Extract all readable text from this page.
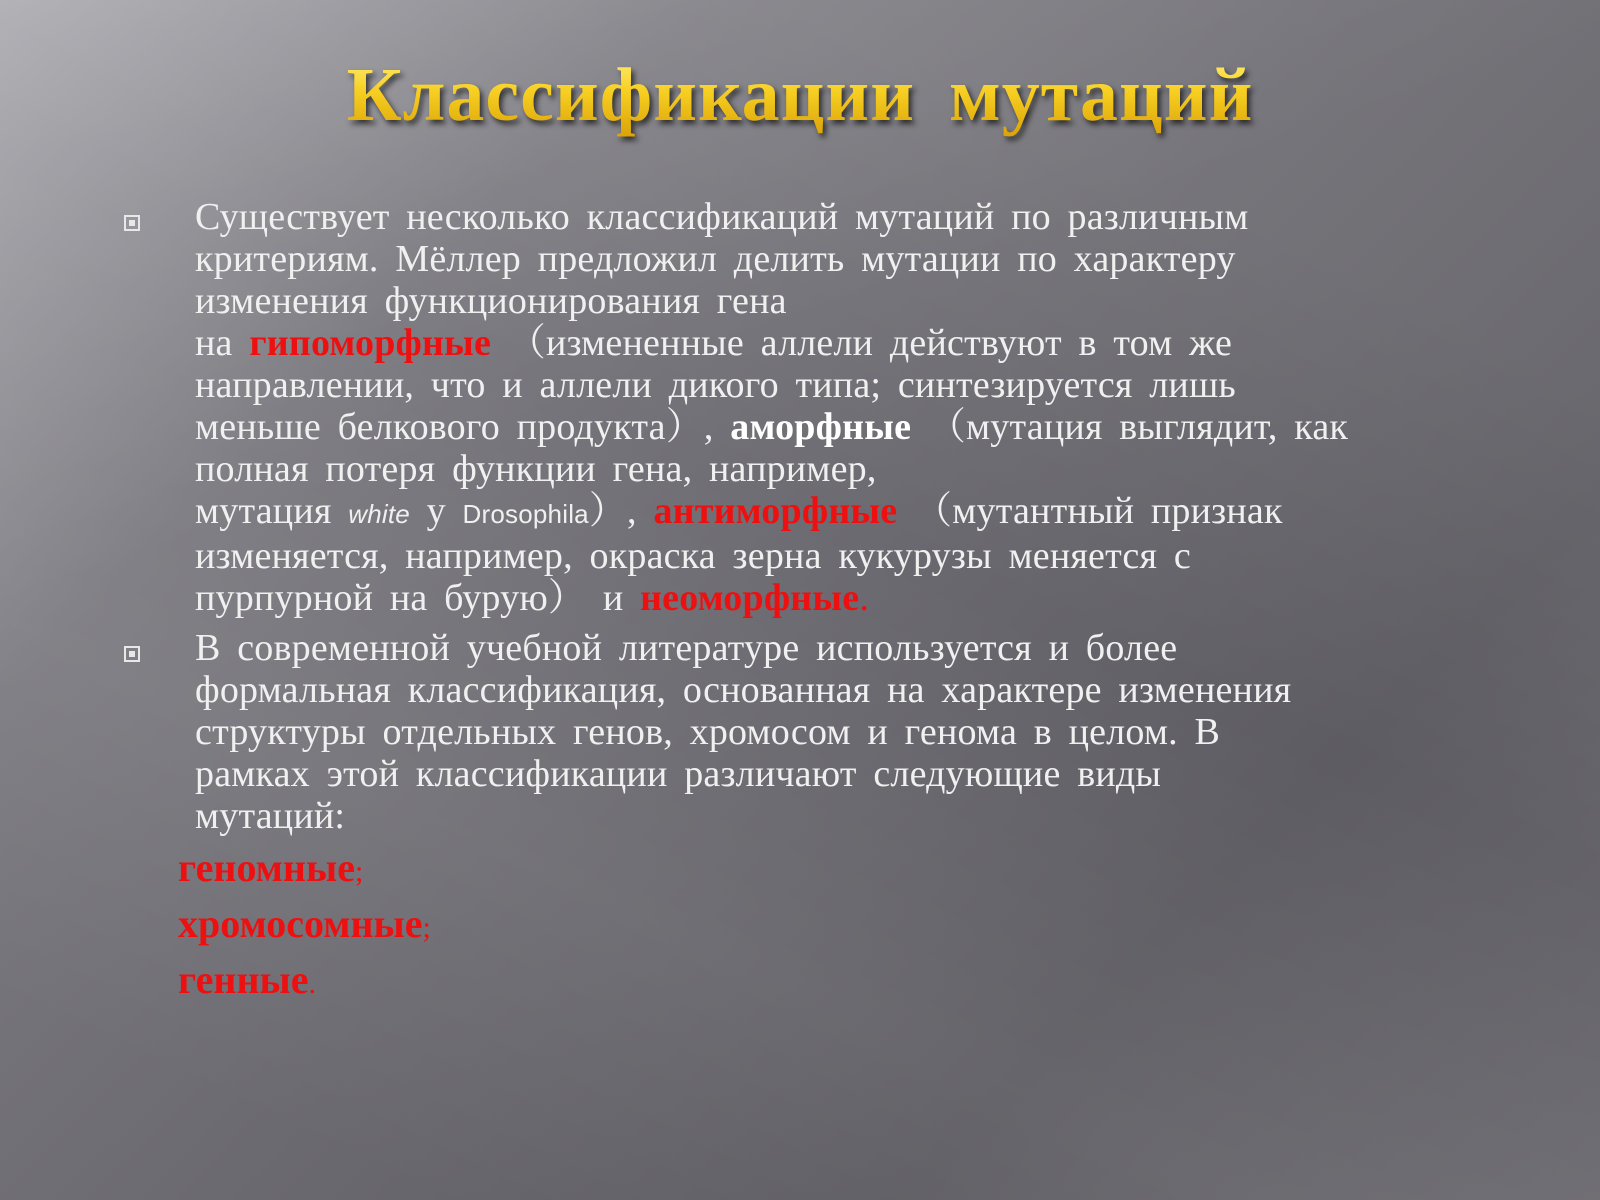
Классификации мутаций
Существует несколько классификаций мутаций по различным
критериям. Мёллер предложил делить мутации по характеру
изменения функционирования гена
на гипоморфные （измененные аллели действуют в том же
направлении, что и аллели дикого типа; синтезируется лишь
меньше белкового продукта）, аморфные （мутация выглядит, как
полная потеря функции гена, например,
мутация white у Drosophila）, антиморфные （мутантный признак
изменяется, например, окраска зерна кукурузы меняется с
пурпурной на бурую） и неоморфные.
В современной учебной литературе используется и более
формальная классификация, основанная на характере изменения
структуры отдельных генов, хромосом и генома в целом. В
рамках этой классификации различают следующие виды
мутаций:
геномные;
хромосомные;
генные.
